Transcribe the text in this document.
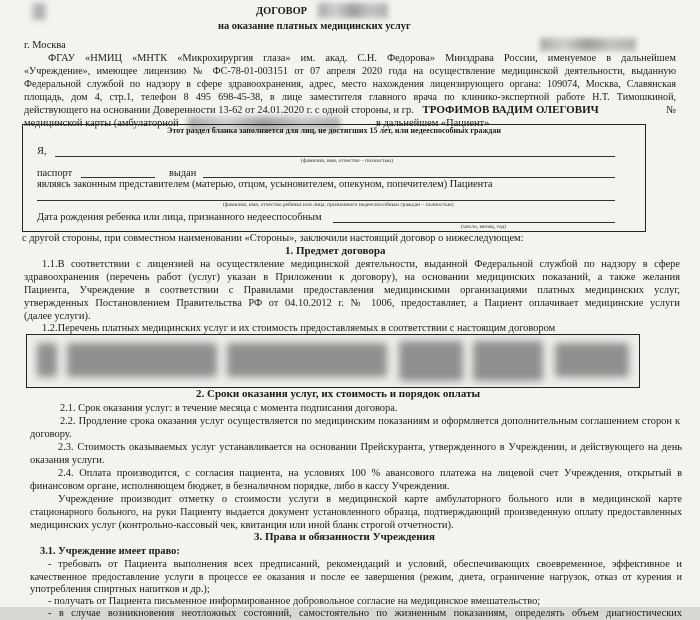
ДОГОВОР
на оказание платных медицинских услуг
г. Москва
ФГАУ «НМИЦ «МНТК «Микрохирургия глаза» им. акад. С.Н. Федорова» Минздрава России, именуемое в дальнейшем
«Учреждение», имеющее лицензию № ФС-78-01-003151 от 07 апреля 2020 года на осуществление медицинской деятельности, выданную
Федеральной службой по надзору в сфере здравоохранения, адрес, место нахождения лицензирующего органа: 109074, Москва, Славянская
площадь, дом 4, стр.1, телефон 8 495 698-45-38, в лице заместителя главного врача по клинико-экспертной работе Н.Т. Тимошкиной,
действующего на основании Доверенности 13-62 от 24.01.2020 г. с одной стороны, и гр. ТРОФИМОВ ВАДИМ ОЛЕГОВИЧ	№
медицинской карты (амбулаторной	в дальнейшем «Пациент»
Этот раздел бланка заполняется для лиц, не достигших 15 лет, или недееспособных граждан
Я,
(фамилия, имя, отчество – полностью)
паспорт	выдан
являясь законным представителем (матерью, отцом, усыновителем, опекуном, попечителем) Пациента
(фамилия, имя, отчество ребенка или лица, признанного недееспособным граждан – полностью)
Дата рождения ребенка или лица, признанного недееспособным
(число, месяц, год)
с другой стороны, при совместном наименовании «Стороны», заключили настоящий договор о нижеследующем:
1. Предмет договора
1.1.В соответствии с лицензией на осуществление медицинской деятельности, выданной Федеральной службой по надзору в сфере
здравоохранения (перечень работ (услуг) указан в Приложении к договору), на основании медицинских показаний, а также желания
Пациента, Учреждение в соответствии с Правилами предоставления медицинскими организациями платных медицинских услуг,
утвержденных Постановлением Правительства РФ от 04.10.2012 г. № 1006, предоставляет, а Пациент оплачивает медицинские услуги
(далее услуги).
1.2.Перечень платных медицинских услуг и их стоимость предоставляемых в соответствии с настоящим договором
2. Сроки оказания услуг, их стоимость и порядок оплаты
2.1. Срок оказания услуг: в течение месяца с момента подписания договора.
2.2. Продление срока оказания услуг осуществляется по медицинским показаниям и оформляется дополнительным соглашением сторон к
договору.
2.3. Стоимость оказываемых услуг устанавливается на основании Прейскуранта, утвержденного в Учреждении, и действующего на день
оказания услуги.
2.4. Оплата производится, с согласия пациента, на условиях 100 % авансового платежа на лицевой счет Учреждения, открытый в
финансовом органе, исполняющем бюджет, в безналичном порядке, либо в кассу Учреждения.
Учреждение производит отметку о стоимости услуги в медицинской карте амбулаторного больного или в медицинской карте
стационарного больного, на руки Пациенту выдается документ установленного образца, подтверждающий произведенную оплату предоставленных
медицинских услуг (контрольно-кассовый чек, квитанция или иной бланк строгой отчетности).
3. Права и обязанности Учреждения
3.1. Учреждение имеет право:
- требовать от Пациента выполнения всех предписаний, рекомендаций и условий, обеспечивающих своевременное, эффективное и
качественное предоставление услуги в процессе ее оказания и после ее завершения (режим, диета, ограничение нагрузок, отказ от курения и
употребления спиртных напитков и др.);
- получать от Пациента письменное информированное добровольное согласие на медицинское вмешательство;
- в случае возникновения неотложных состояний, самостоятельно по жизненным показаниям, определять объем диагностических
